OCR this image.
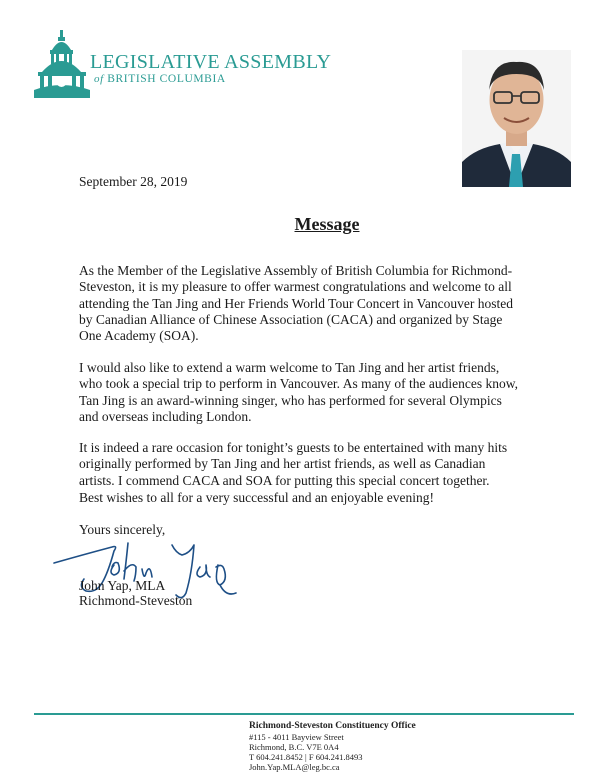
LEGISLATIVE ASSEMBLY
of BRITISH COLUMBIA
September 28, 2019
Message

As the Member of the Legislative Assembly of British Columbia for Richmond-Steveston, it is my pleasure to offer warmest congratulations and welcome to all attending the Tan Jing and Her Friends World Tour Concert in Vancouver hosted by Canadian Alliance of Chinese Association (CACA) and organized by Stage One Academy (SOA).

I would also like to extend a warm welcome to Tan Jing and her artist friends, who took a special trip to perform in Vancouver. As many of the audiences know, Tan Jing is an award-winning singer, who has performed for several Olympics and overseas including London.

It is indeed a rare occasion for tonight’s guests to be entertained with many hits originally performed by Tan Jing and her artist friends, as well as Canadian artists. I commend CACA and SOA for putting this special concert together.

Best wishes to all for a very successful and an enjoyable evening!

Yours sincerely,
John Yap, MLA
Richmond-Steveston
Richmond-Steveston Constituency Office
#115 - 4011 Bayview Street
Richmond, B.C. V7E 0A4
T 604.241.8452 | F 604.241.8493
John.Yap.MLA@leg.bc.ca
